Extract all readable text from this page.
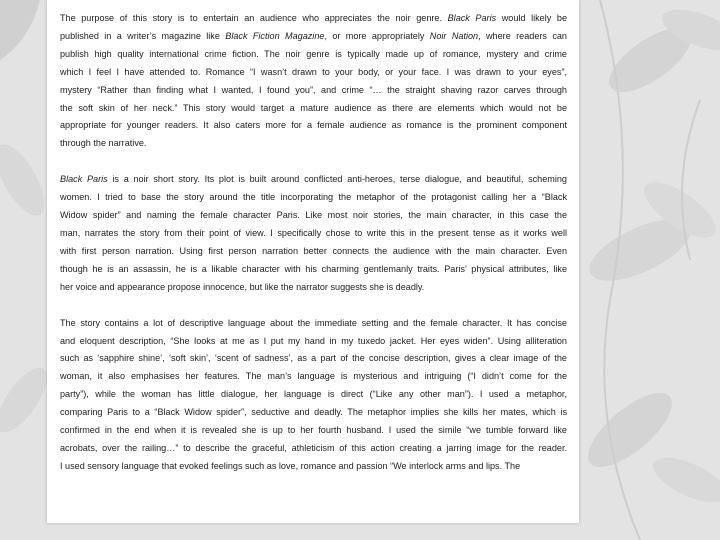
The purpose of this story is to entertain an audience who appreciates the noir genre. Black Paris would likely be
published in a writer’s magazine like Black Fiction Magazine, or more appropriately Noir Nation, where readers can
publish high quality international crime fiction. The noir genre is typically made up of romance, mystery and crime
which I feel I have attended to. Romance “I wasn’t drawn to your body, or your face. I was drawn to your eyes”,
mystery “Rather than finding what I wanted, I found you”, and crime “… the straight shaving razor carves through
the soft skin of her neck.” This story would target a mature audience as there are elements which would not be
appropriate for younger readers. It also caters more for a female audience as romance is the prominent component
through the narrative.
Black Paris is a noir short story. Its plot is built around conflicted anti-heroes, terse dialogue, and beautiful, scheming
women. I tried to base the story around the title incorporating the metaphor of the protagonist calling her a “Black
Widow spider” and naming the female character Paris. Like most noir stories, the main character, in this case the
man, narrates the story from their point of view. I specifically chose to write this in the present tense as it works well
with first person narration. Using first person narration better connects the audience with the main character. Even
though he is an assassin, he is a likable character with his charming gentlemanly traits. Paris’ physical attributes, like
her voice and appearance propose innocence, but like the narrator suggests she is deadly.
The story contains a lot of descriptive language about the immediate setting and the female character. It has concise
and eloquent description, “She looks at me as I put my hand in my tuxedo jacket. Her eyes widen”. Using alliteration
such as ‘sapphire shine’, ‘soft skin’, ‘scent of sadness’, as a part of the concise description, gives a clear image of the
woman, it also emphasises her features. The man’s language is mysterious and intriguing (“I didn’t come for the
party”), while the woman has little dialogue, her language is direct (“Like any other man”). I used a metaphor,
comparing Paris to a “Black Widow spider”, seductive and deadly. The metaphor implies she kills her mates, which is
confirmed in the end when it is revealed she is up to her fourth husband. I used the simile “we tumble forward like
acrobats, over the railing…” to describe the graceful, athleticism of this action creating a jarring image for the reader.
I used sensory language that evoked feelings such as love, romance and passion “We interlock arms and lips. The
